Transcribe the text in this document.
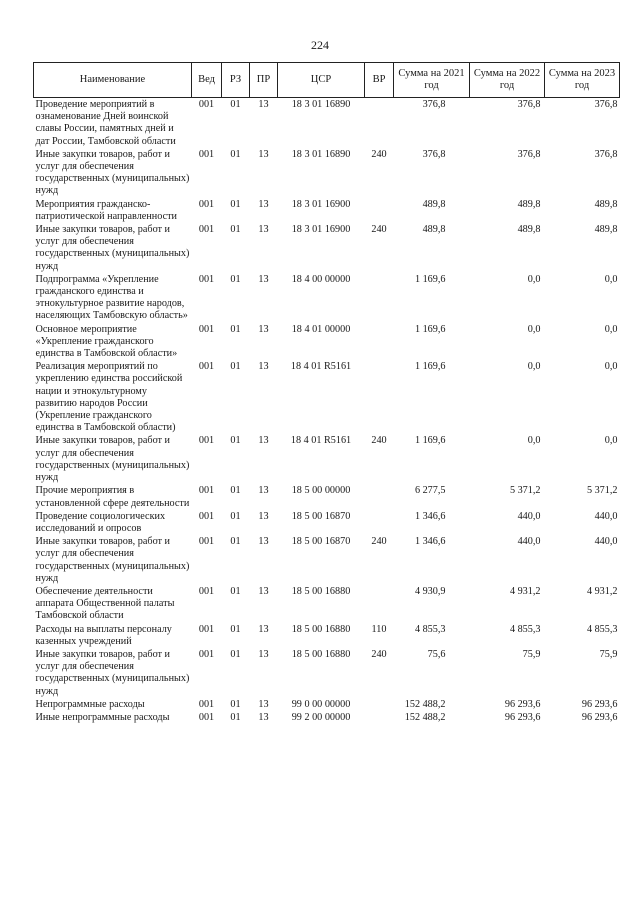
224
Наименование	Вед	РЗ	ПР	ЦСР	ВР	Сумма на 2021 год	Сумма на 2022 год	Сумма на 2023 год
Проведение мероприятий в ознаменование Дней воинской славы России, памятных дней и дат России, Тамбовской области	001	01	13	18 3 01 16890		376,8	376,8	376,8
Иные закупки товаров, работ и услуг для обеспечения государственных (муниципальных) нужд	001	01	13	18 3 01 16890	240	376,8	376,8	376,8
Мероприятия гражданско-патриотической направленности	001	01	13	18 3 01 16900		489,8	489,8	489,8
Иные закупки товаров, работ и услуг для обеспечения государственных (муниципальных) нужд	001	01	13	18 3 01 16900	240	489,8	489,8	489,8
Подпрограмма «Укрепление гражданского единства и этнокультурное развитие народов, населяющих Тамбовскую область»	001	01	13	18 4 00 00000		1 169,6	0,0	0,0
Основное мероприятие «Укрепление гражданского единства в Тамбовской области»	001	01	13	18 4 01 00000		1 169,6	0,0	0,0
Реализация мероприятий по укреплению единства российской нации и этнокультурному развитию народов России (Укрепление гражданского единства в Тамбовской области)	001	01	13	18 4 01 R5161		1 169,6	0,0	0,0
Иные закупки товаров, работ и услуг для обеспечения государственных (муниципальных) нужд	001	01	13	18 4 01 R5161	240	1 169,6	0,0	0,0
Прочие мероприятия в установленной сфере деятельности	001	01	13	18 5 00 00000		6 277,5	5 371,2	5 371,2
Проведение социологических исследований и опросов	001	01	13	18 5 00 16870		1 346,6	440,0	440,0
Иные закупки товаров, работ и услуг для обеспечения государственных (муниципальных) нужд	001	01	13	18 5 00 16870	240	1 346,6	440,0	440,0
Обеспечение деятельности аппарата Общественной палаты Тамбовской области	001	01	13	18 5 00 16880		4 930,9	4 931,2	4 931,2
Расходы на выплаты персоналу казенных учреждений	001	01	13	18 5 00 16880	110	4 855,3	4 855,3	4 855,3
Иные закупки товаров, работ и услуг для обеспечения государственных (муниципальных) нужд	001	01	13	18 5 00 16880	240	75,6	75,9	75,9
Непрограммные расходы	001	01	13	99 0 00 00000		152 488,2	96 293,6	96 293,6
Иные непрограммные расходы	001	01	13	99 2 00 00000		152 488,2	96 293,6	96 293,6
